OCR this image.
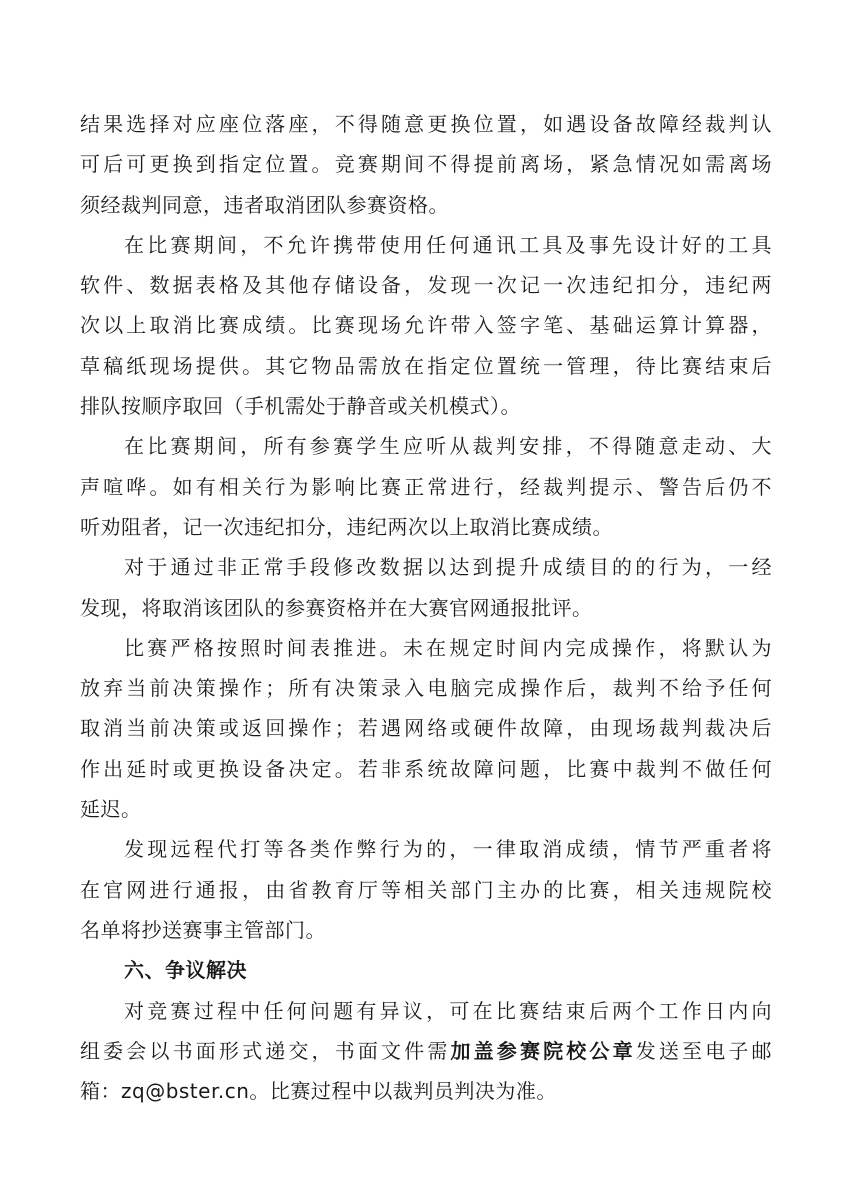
结果选择对应座位落座，不得随意更换位置，如遇设备故障经裁判认
可后可更换到指定位置。竞赛期间不得提前离场，紧急情况如需离场
须经裁判同意，违者取消团队参赛资格。
在比赛期间，不允许携带使用任何通讯工具及事先设计好的工具
软件、数据表格及其他存储设备，发现一次记一次违纪扣分，违纪两
次以上取消比赛成绩。比赛现场允许带入签字笔、基础运算计算器，
草稿纸现场提供。其它物品需放在指定位置统一管理，待比赛结束后
排队按顺序取回（手机需处于静音或关机模式）。
在比赛期间，所有参赛学生应听从裁判安排，不得随意走动、大
声喧哗。如有相关行为影响比赛正常进行，经裁判提示、警告后仍不
听劝阻者，记一次违纪扣分，违纪两次以上取消比赛成绩。
对于通过非正常手段修改数据以达到提升成绩目的的行为，一经
发现，将取消该团队的参赛资格并在大赛官网通报批评。
比赛严格按照时间表推进。未在规定时间内完成操作，将默认为
放弃当前决策操作；所有决策录入电脑完成操作后，裁判不给予任何
取消当前决策或返回操作；若遇网络或硬件故障，由现场裁判裁决后
作出延时或更换设备决定。若非系统故障问题，比赛中裁判不做任何
延迟。
发现远程代打等各类作弊行为的，一律取消成绩，情节严重者将
在官网进行通报，由省教育厅等相关部门主办的比赛，相关违规院校
名单将抄送赛事主管部门。
六、争议解决
对竞赛过程中任何问题有异议，可在比赛结束后两个工作日内向
组委会以书面形式递交，书面文件需加盖参赛院校公章发送至电子邮
箱：zq@bster.cn。比赛过程中以裁判员判决为准。
